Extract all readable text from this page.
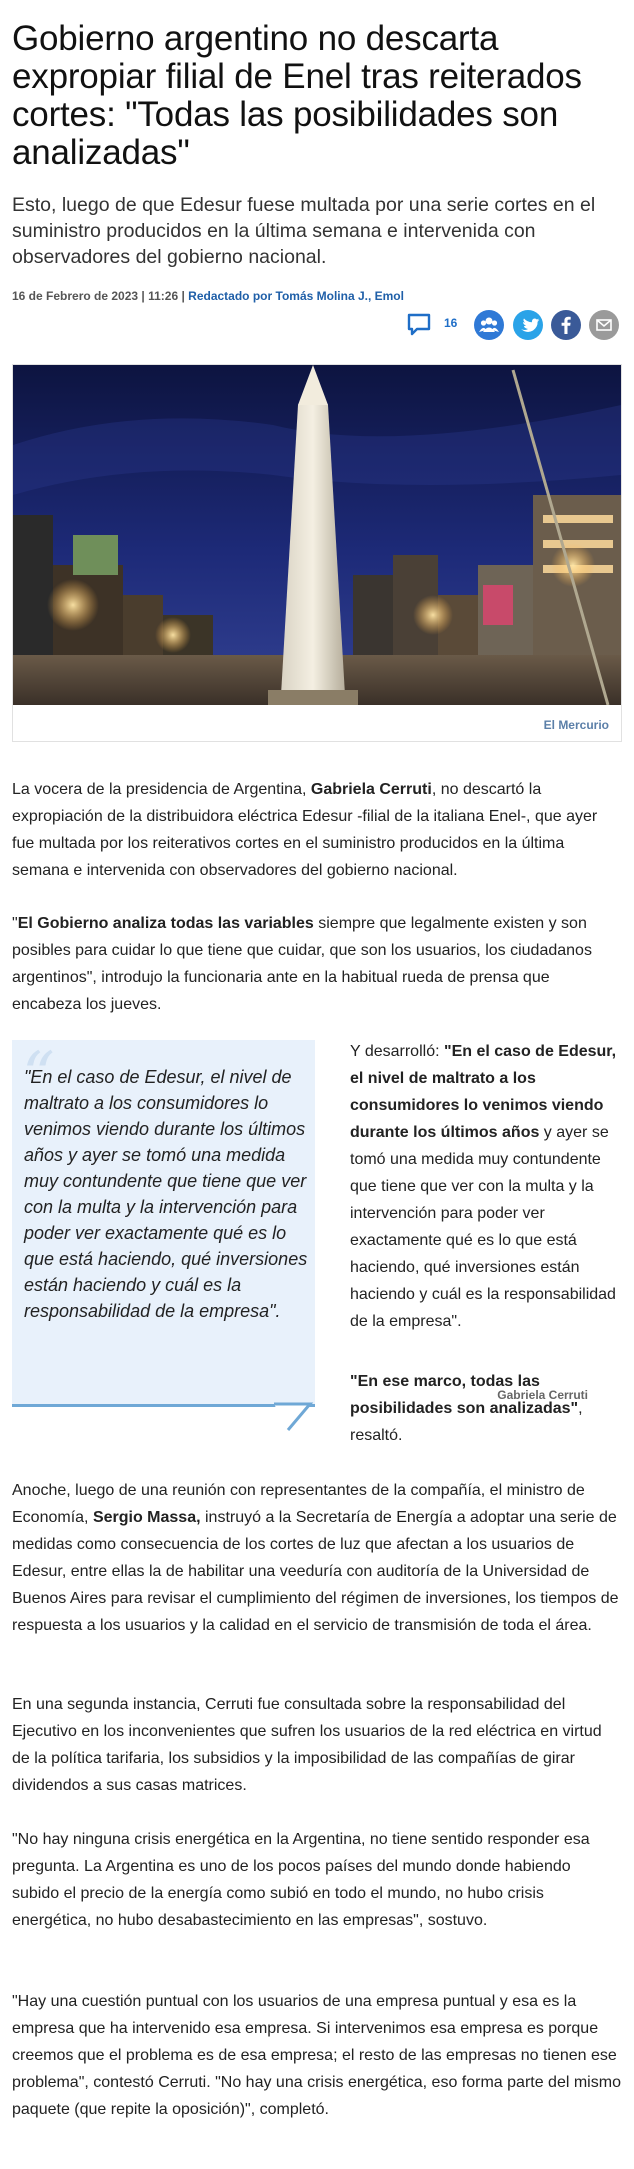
Gobierno argentino no descarta expropiar filial de Enel tras reiterados cortes: "Todas las posibilidades son analizadas"

Esto, luego de que Edesur fuese multada por una serie cortes en el suministro producidos en la última semana e intervenida con observadores del gobierno nacional.

16 de Febrero de 2023 | 11:26 | Redactado por Tomás Molina J., Emol
16
El Mercurio

La vocera de la presidencia de Argentina, Gabriela Cerruti, no descartó la expropiación de la distribuidora eléctrica Edesur -filial de la italiana Enel-, que ayer fue multada por los reiterativos cortes en el suministro producidos en la última semana e intervenida con observadores del gobierno nacional.

"El Gobierno analiza todas las variables siempre que legalmente existen y son posibles para cuidar lo que tiene que cuidar, que son los usuarios, los ciudadanos argentinos", introdujo la funcionaria ante en la habitual rueda de prensa que encabeza los jueves.

“

"En el caso de Edesur, el nivel de maltrato a los consumidores lo venimos viendo durante los últimos años y ayer se tomó una medida muy contundente que tiene que ver con la multa y la intervención para poder ver exactamente qué es lo que está haciendo, qué inversiones están haciendo y cuál es la responsabilidad de la empresa".

Gabriela Cerruti

Y desarrolló: "En el caso de Edesur, el nivel de maltrato a los consumidores lo venimos viendo durante los últimos años y ayer se tomó una medida muy contundente que tiene que ver con la multa y la intervención para poder ver exactamente qué es lo que está haciendo, qué inversiones están haciendo y cuál es la responsabilidad de la empresa".

"En ese marco, todas las posibilidades son analizadas", resaltó.

Anoche, luego de una reunión con representantes de la compañía, el ministro de Economía, Sergio Massa, instruyó a la Secretaría de Energía a adoptar una serie de medidas como consecuencia de los cortes de luz que afectan a los usuarios de Edesur, entre ellas la de habilitar una veeduría con auditoría de la Universidad de Buenos Aires para revisar el cumplimiento del régimen de inversiones, los tiempos de respuesta a los usuarios y la calidad en el servicio de transmisión de toda el área.

En una segunda instancia, Cerruti fue consultada sobre la responsabilidad del Ejecutivo en los inconvenientes que sufren los usuarios de la red eléctrica en virtud de la política tarifaria, los subsidios y la imposibilidad de las compañías de girar dividendos a sus casas matrices.

"No hay ninguna crisis energética en la Argentina, no tiene sentido responder esa pregunta. La Argentina es uno de los pocos países del mundo donde habiendo subido el precio de la energía como subió en todo el mundo, no hubo crisis energética, no hubo desabastecimiento en las empresas", sostuvo.

"Hay una cuestión puntual con los usuarios de una empresa puntual y esa es la empresa que ha intervenido esa empresa. Si intervenimos esa empresa es porque creemos que el problema es de esa empresa; el resto de las empresas no tienen ese problema", contestó Cerruti. "No hay una crisis energética, eso forma parte del mismo paquete (que repite la oposición)", completó.
